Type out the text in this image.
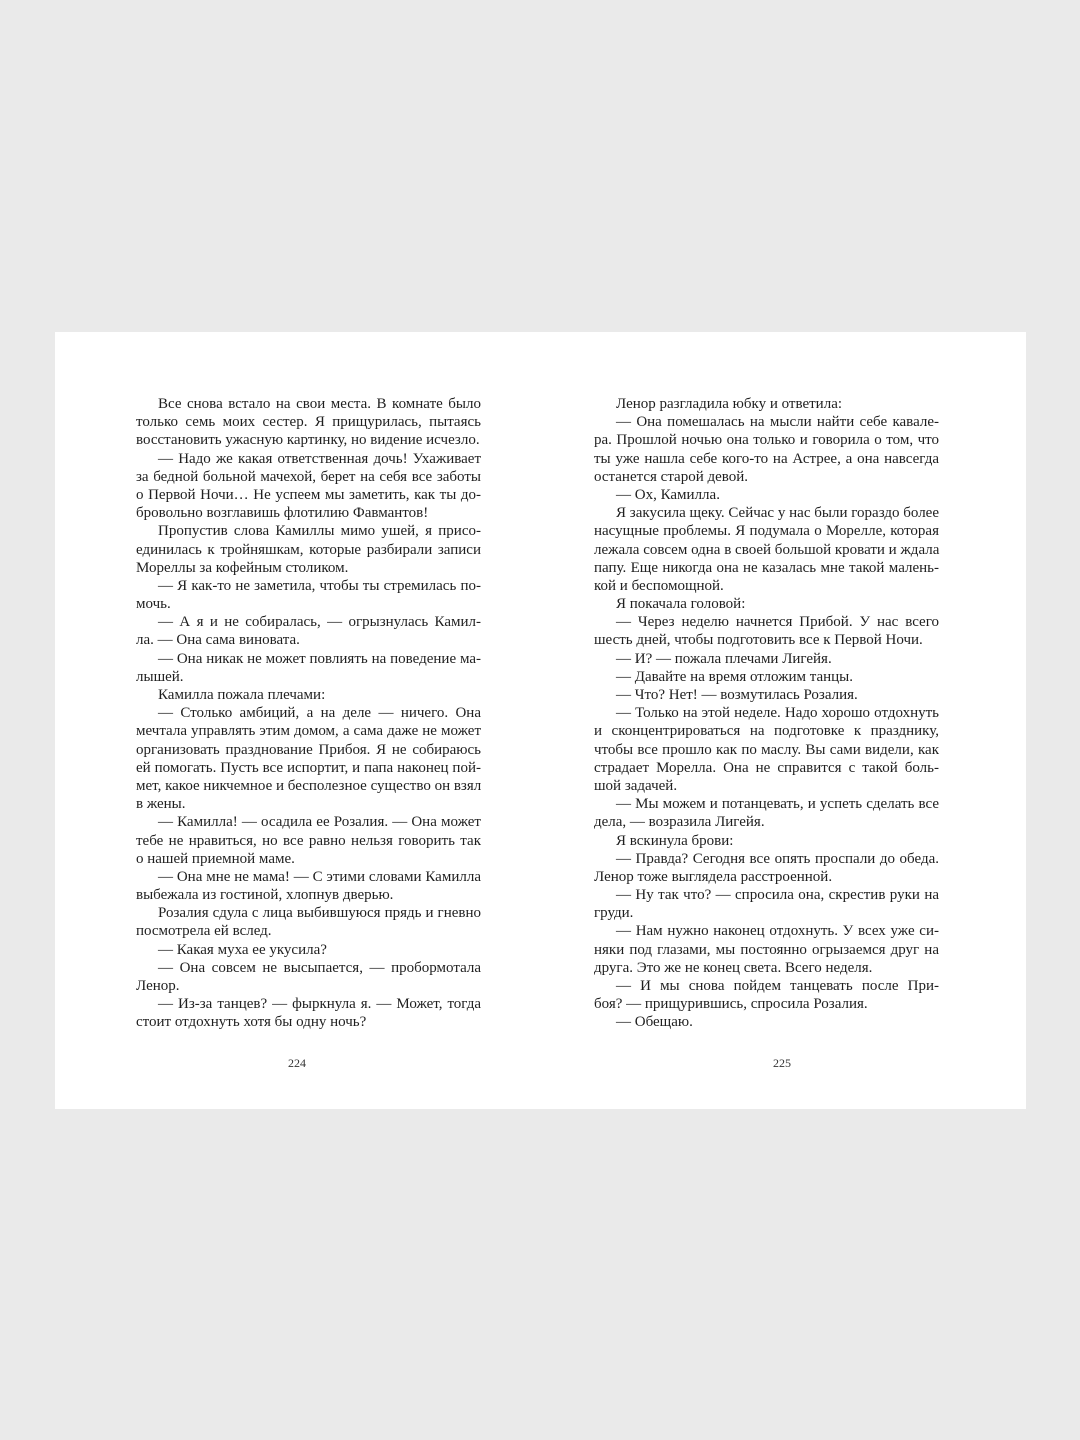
Все снова встало на свои места. В комнате было
только семь моих сестер. Я прищурилась, пытаясь
восстановить ужасную картинку, но видение исчезло.
— Надо же какая ответственная дочь! Ухаживает
за бедной больной мачехой, берет на себя все заботы
о Первой Ночи… Не успеем мы заметить, как ты до-
бровольно возглавишь флотилию Фавмантов!
Пропустив слова Камиллы мимо ушей, я присо-
единилась к тройняшкам, которые разбирали записи
Мореллы за кофейным столиком.
— Я как-то не заметила, чтобы ты стремилась по-
мочь.
— А я и не собиралась, — огрызнулась Камил-
ла. — Она сама виновата.
— Она никак не может повлиять на поведение ма-
лышей.
Камилла пожала плечами:
— Столько амбиций, а на деле — ничего. Она
мечтала управлять этим домом, а сама даже не может
организовать празднование Прибоя. Я не собираюсь
ей помогать. Пусть все испортит, и папа наконец пой-
мет, какое никчемное и бесполезное существо он взял
в жены.
— Камилла! — осадила ее Розалия. — Она может
тебе не нравиться, но все равно нельзя говорить так
о нашей приемной маме.
— Она мне не мама! — С этими словами Камилла
выбежала из гостиной, хлопнув дверью.
Розалия сдула с лица выбившуюся прядь и гневно
посмотрела ей вслед.
— Какая муха ее укусила?
— Она совсем не высыпается, — пробормотала
Ленор.
— Из-за танцев? — фыркнула я. — Может, тогда
стоит отдохнуть хотя бы одну ночь?
Ленор разгладила юбку и ответила:
— Она помешалась на мысли найти себе кавале-
ра. Прошлой ночью она только и говорила о том, что
ты уже нашла себе кого-то на Астрее, а она навсегда
останется старой девой.
— Ох, Камилла.
Я закусила щеку. Сейчас у нас были гораздо более
насущные проблемы. Я подумала о Морелле, которая
лежала совсем одна в своей большой кровати и ждала
папу. Еще никогда она не казалась мне такой малень-
кой и беспомощной.
Я покачала головой:
— Через неделю начнется Прибой. У нас всего
шесть дней, чтобы подготовить все к Первой Ночи.
— И? — пожала плечами Лигейя.
— Давайте на время отложим танцы.
— Что? Нет! — возмутилась Розалия.
— Только на этой неделе. Надо хорошо отдохнуть
и сконцентрироваться на подготовке к празднику,
чтобы все прошло как по маслу. Вы сами видели, как
страдает Морелла. Она не справится с такой боль-
шой задачей.
— Мы можем и потанцевать, и успеть сделать все
дела, — возразила Лигейя.
Я вскинула брови:
— Правда? Сегодня все опять проспали до обеда.
Ленор тоже выглядела расстроенной.
— Ну так что? — спросила она, скрестив руки на
груди.
— Нам нужно наконец отдохнуть. У всех уже си-
няки под глазами, мы постоянно огрызаемся друг на
друга. Это же не конец света. Всего неделя.
— И мы снова пойдем танцевать после При-
боя? — прищурившись, спросила Розалия.
— Обещаю.
224	225
